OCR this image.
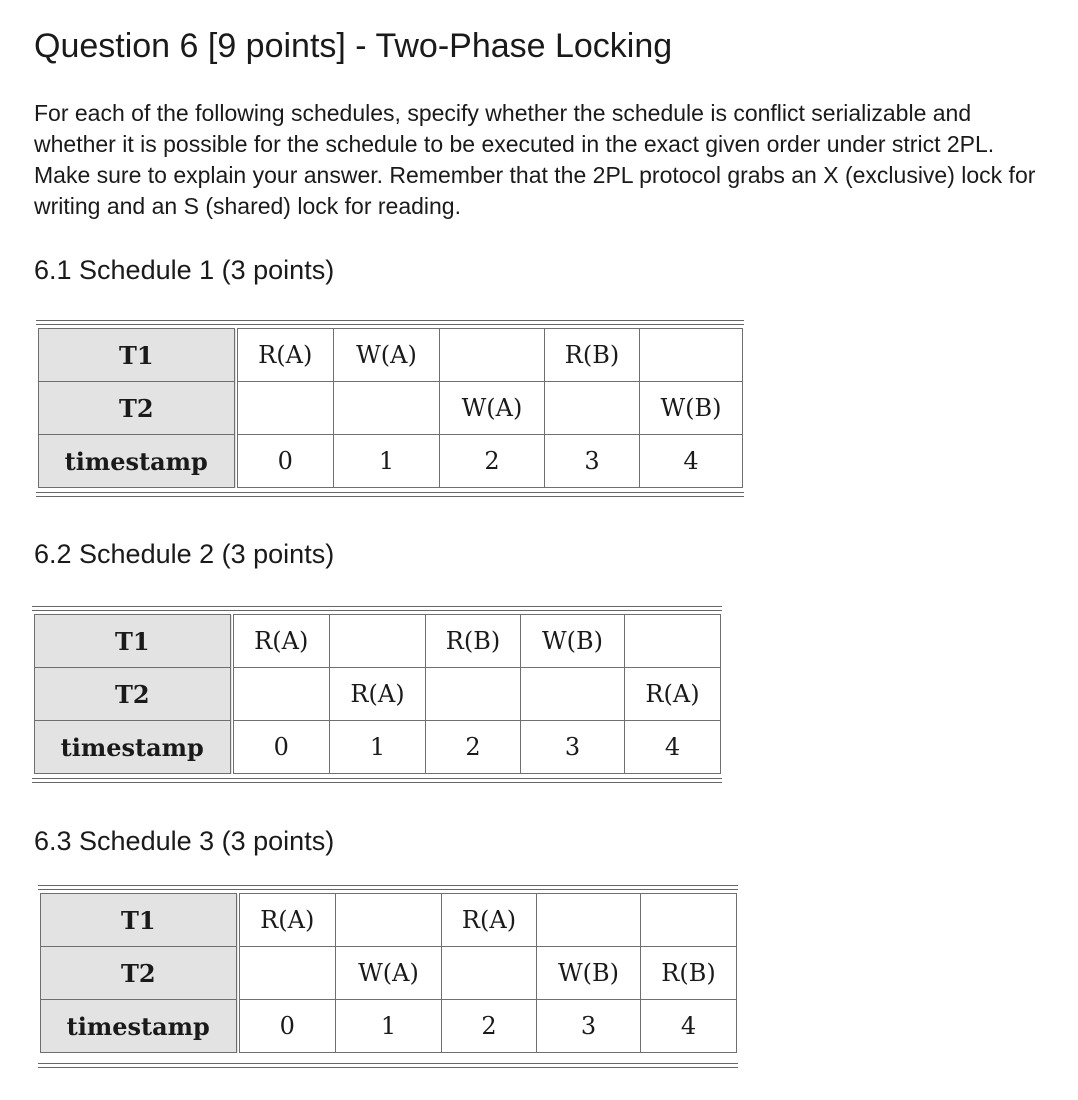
Question 6 [9 points] - Two-Phase Locking

For each of the following schedules, specify whether the schedule is conflict serializable and whether it is possible for the schedule to be executed in the exact given order under strict 2PL. Make sure to explain your answer. Remember that the 2PL protocol grabs an X (exclusive) lock for writing and an S (shared) lock for reading.

6.1 Schedule 1 (3 points)
T1	R(A)	W(A)		R(B)	
T2			W(A)		W(B)
timestamp	0	1	2	3	4
6.2 Schedule 2 (3 points)
T1	R(A)		R(B)	W(B)	
T2		R(A)			R(A)
timestamp	0	1	2	3	4
6.3 Schedule 3 (3 points)
T1	R(A)		R(A)		
T2		W(A)		W(B)	R(B)
timestamp	0	1	2	3	4
